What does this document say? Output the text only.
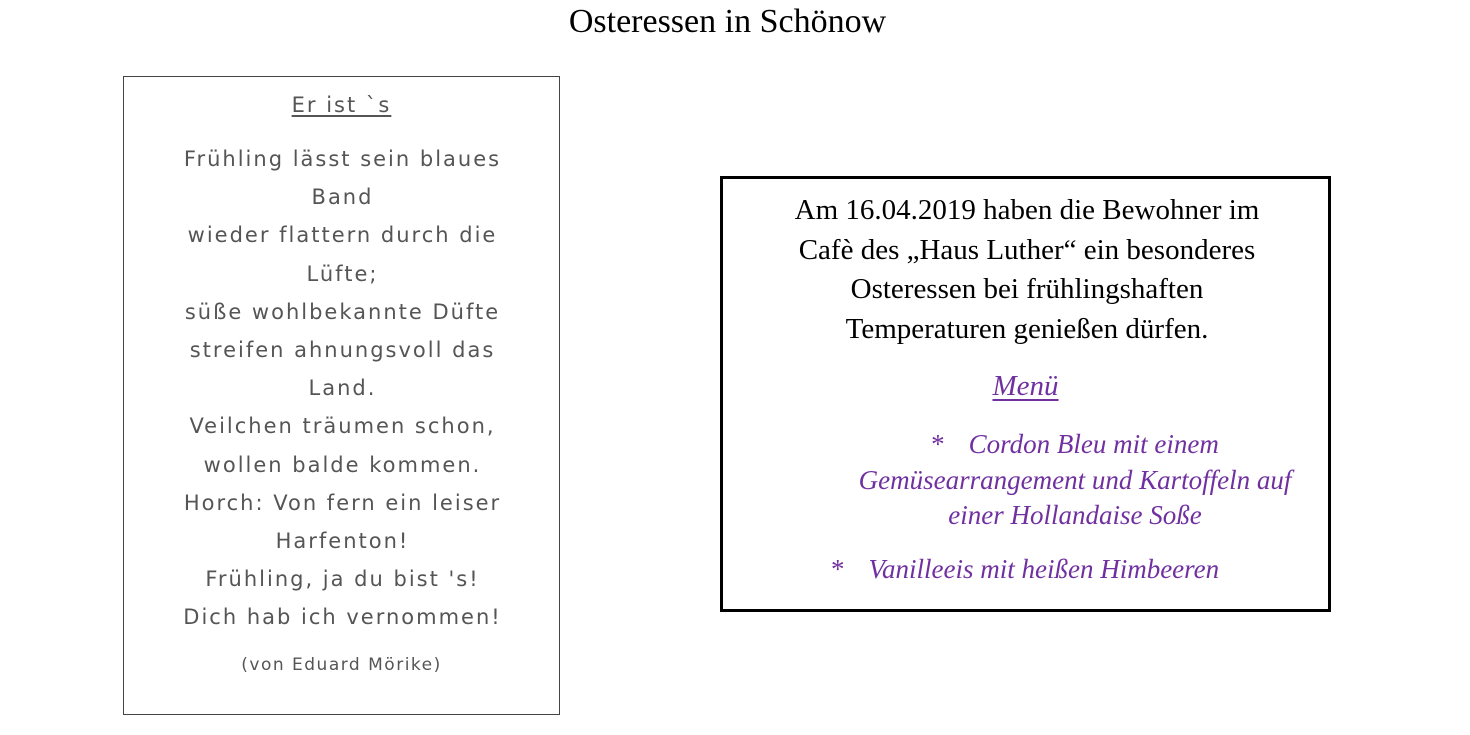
Osteressen in Schönow
Er ist `s
Frühling lässt sein blaues
Band
wieder flattern durch die
Lüfte;
süße wohlbekannte Düfte
streifen ahnungsvoll das
Land.
Veilchen träumen schon,
wollen balde kommen.
Horch: Von fern ein leiser
Harfenton!
Frühling, ja du bist 's!
Dich hab ich vernommen!
(von Eduard Mörike)
Am 16.04.2019 haben die Bewohner im
Cafè des „Haus Luther“ ein besonderes
Osteressen bei frühlingshaften
Temperaturen genießen dürfen.
Menü
* Cordon Bleu mit einem
Gemüsearrangement und Kartoffeln auf
einer Hollandaise Soße
* Vanilleeis mit heißen Himbeeren
